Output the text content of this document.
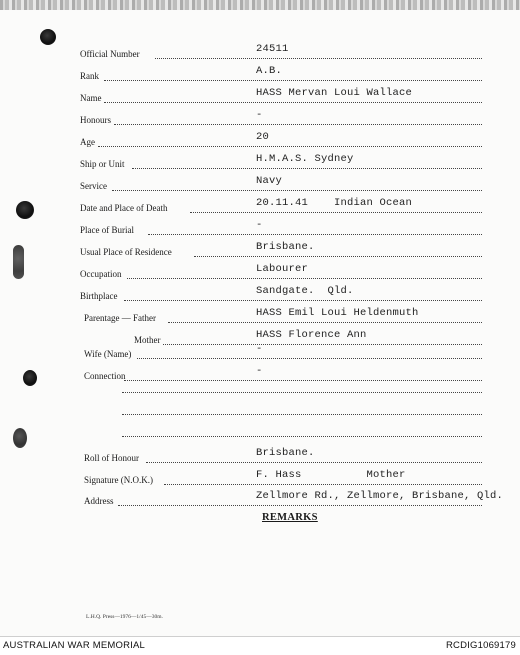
Official Number	24511
Rank	A.B.
Name	HASS Mervan Loui Wallace
Honours	-
Age	20
Ship or Unit	H.M.A.S. Sydney
Service	Navy
Date and Place of Death	20.11.41    Indian Ocean
Place of Burial	-
Usual Place of Residence	Brisbane.
Occupation	Labourer
Birthplace	Sandgate.  Qld.
Parentage — Father	HASS Emil Loui Heldenmuth
Mother	HASS Florence Ann
Wife (Name)	-
Connection	-
Roll of Honour	Brisbane.
Signature (N.O.K.)	F. Hass          Mother
Address	Zellmore Rd., Zellmore, Brisbane, Qld.
REMARKS
L.H.Q. Press—1976—1/45—30m.
AUSTRALIAN WAR MEMORIAL	RCDIG1069179
